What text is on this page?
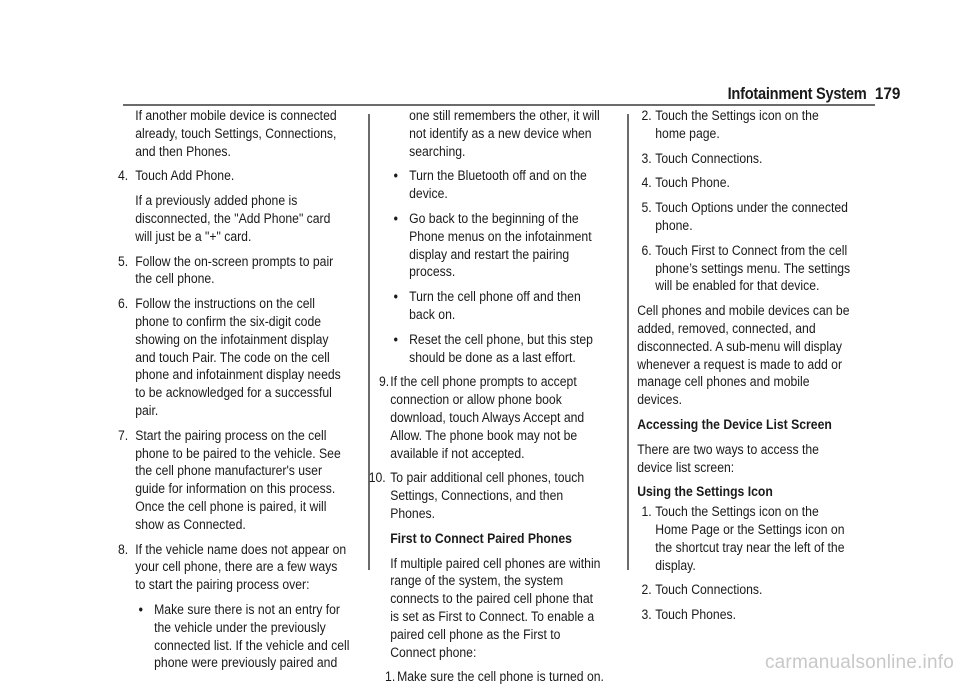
Infotainment System 179

If another mobile device is connected already, touch Settings, Connections, and then Phones.

4. Touch Add Phone.

If a previously added phone is disconnected, the "Add Phone" card will just be a "+" card.

5. Follow the on-screen prompts to pair the cell phone.
6. Follow the instructions on the cell phone to confirm the six-digit code showing on the infotainment display and touch Pair. The code on the cell phone and infotainment display needs to be acknowledged for a successful pair.
7. Start the pairing process on the cell phone to be paired to the vehicle. See the cell phone manufacturer's user guide for information on this process. Once the cell phone is paired, it will show as Connected.
8. If the vehicle name does not appear on your cell phone, there are a few ways to start the pairing process over:
• Make sure there is not an entry for the vehicle under the previously connected list. If the vehicle and cell phone were previously paired and
one still remembers the other, it will not identify as a new device when searching.
• Turn the Bluetooth off and on the device.
• Go back to the beginning of the Phone menus on the infotainment display and restart the pairing process.
• Turn the cell phone off and then back on.
• Reset the cell phone, but this step should be done as a last effort.
9. If the cell phone prompts to accept connection or allow phone book download, touch Always Accept and Allow. The phone book may not be available if not accepted.
10. To pair additional cell phones, touch Settings, Connections, and then Phones.

First to Connect Paired Phones

If multiple paired cell phones are within range of the system, the system connects to the paired cell phone that is set as First to Connect. To enable a paired cell phone as the First to Connect phone:

1. Make sure the cell phone is turned on.
2. Touch the Settings icon on the home page.
3. Touch Connections.
4. Touch Phone.
5. Touch Options under the connected phone.
6. Touch First to Connect from the cell phone’s settings menu. The settings will be enabled for that device.

Cell phones and mobile devices can be added, removed, connected, and disconnected. A sub-menu will display whenever a request is made to add or manage cell phones and mobile devices.

Accessing the Device List Screen

There are two ways to access the device list screen:

Using the Settings Icon

1. Touch the Settings icon on the Home Page or the Settings icon on the shortcut tray near the left of the display.
2. Touch Connections.
3. Touch Phones.
carmanualsonline.info
